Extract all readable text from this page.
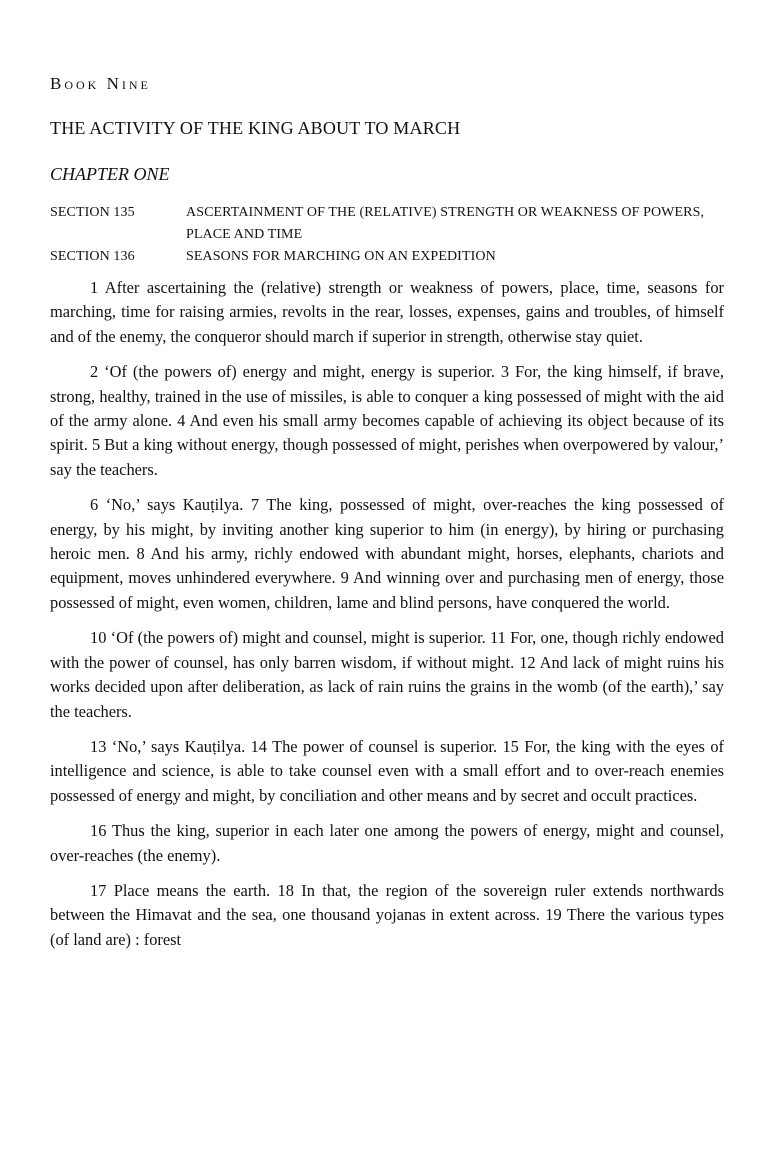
Book Nine
THE ACTIVITY OF THE KING ABOUT TO MARCH
CHAPTER ONE
SECTION 135	ASCERTAINMENT OF THE (RELATIVE) STRENGTH OR WEAKNESS OF POWERS, PLACE AND TIME
SECTION 136	SEASONS FOR MARCHING ON AN EXPEDITION

1 After ascertaining the (relative) strength or weakness of powers, place, time, seasons for marching, time for raising armies, revolts in the rear, losses, expenses, gains and troubles, of himself and of the enemy, the conqueror should march if superior in strength, otherwise stay quiet.

2 ‘Of (the powers of) energy and might, energy is superior. 3 For, the king himself, if brave, strong, healthy, trained in the use of missiles, is able to conquer a king possessed of might with the aid of the army alone. 4 And even his small army becomes capable of achieving its object because of its spirit. 5 But a king without energy, though possessed of might, perishes when overpowered by valour,’ say the teachers.

6 ‘No,’ says Kauṭilya. 7 The king, possessed of might, over-reaches the king possessed of energy, by his might, by inviting another king superior to him (in energy), by hiring or purchasing heroic men. 8 And his army, richly endowed with abundant might, horses, elephants, chariots and equipment, moves unhindered everywhere. 9 And winning over and purchasing men of energy, those possessed of might, even women, children, lame and blind persons, have conquered the world.

10 ‘Of (the powers of) might and counsel, might is superior. 11 For, one, though richly endowed with the power of counsel, has only barren wisdom, if without might. 12 And lack of might ruins his works decided upon after deliberation, as lack of rain ruins the grains in the womb (of the earth),’ say the teachers.

13 ‘No,’ says Kauṭilya. 14 The power of counsel is superior. 15 For, the king with the eyes of intelligence and science, is able to take counsel even with a small effort and to over-reach enemies possessed of energy and might, by conciliation and other means and by secret and occult practices.

16 Thus the king, superior in each later one among the powers of energy, might and counsel, over-reaches (the enemy).

17 Place means the earth. 18 In that, the region of the sovereign ruler extends northwards between the Himavat and the sea, one thousand yojanas in extent across. 19 There the various types (of land are) : forest
